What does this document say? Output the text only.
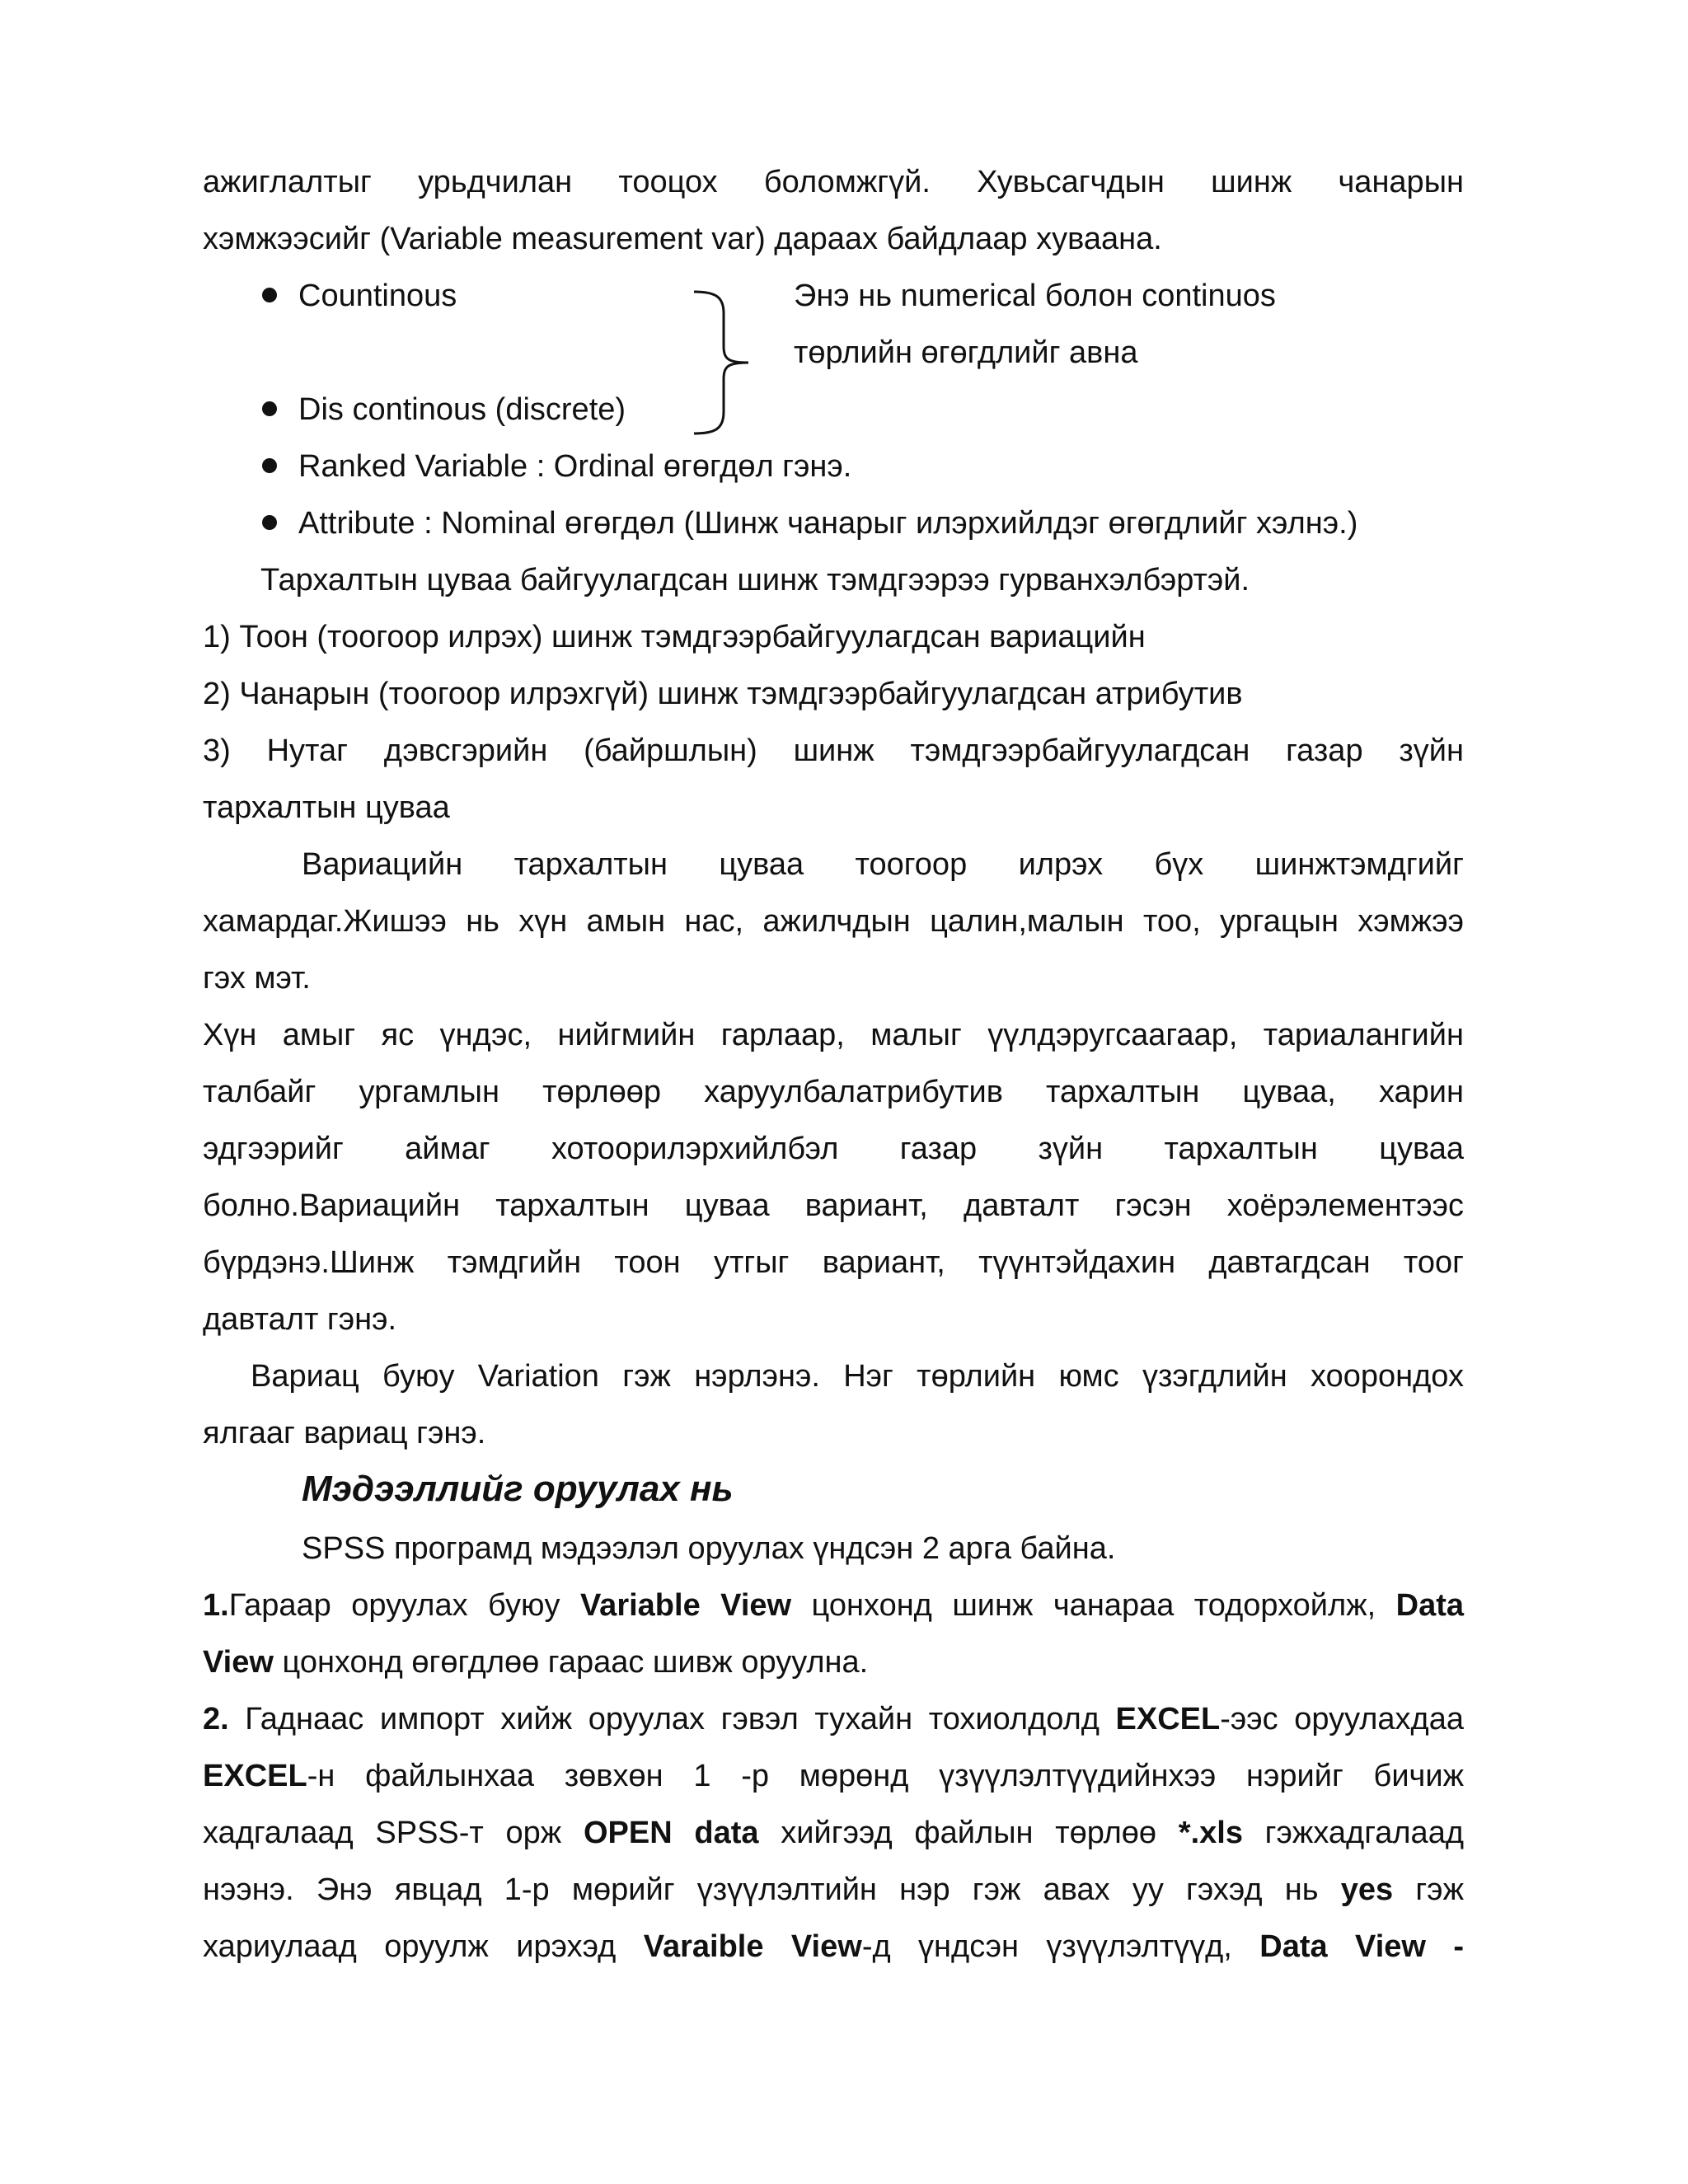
ажиглалтыг урьдчилан тооцох боломжгүй. Хувьсагчдын шинж чанарын
хэмжээсийг (Variable measurement var) дараах байдлаар хуваана.
Countinous	Энэ нь numerical болон continuos
төрлийн өгөгдлийг авна
Dis continous (discrete)
Ranked Variable : Ordinal өгөгдөл гэнэ.
Attribute : Nominal өгөгдөл (Шинж чанарыг илэрхийлдэг өгөгдлийг хэлнэ.)
Тархалтын цуваа байгуулагдсан шинж тэмдгээрээ гурванхэлбэртэй.
1) Тоон (тоогоор илрэх) шинж тэмдгээрбайгуулагдсан вариацийн
2) Чанарын (тоогоор илрэхгүй) шинж тэмдгээрбайгуулагдсан атрибутив
3) Нутаг дэвсгэрийн (байршлын) шинж тэмдгээрбайгуулагдсан газар зүйн
тархалтын цуваа
Вариацийн тархалтын цуваа тоогоор илрэх бүх шинжтэмдгийг
хамардаг.Жишээ нь хүн амын нас, ажилчдын цалин,малын тоо, ургацын хэмжээ
гэх мэт.
Хүн амыг яс үндэс, нийгмийн гарлаар, малыг үүлдэругсаагаар, тариалангийн
талбайг ургамлын төрлөөр харуулбалатрибутив тархалтын цуваа, харин
эдгээрийг аймаг хотоорилэрхийлбэл газар зүйн тархалтын цуваа
болно.Вариацийн тархалтын цуваа вариант, давталт гэсэн хоёрэлементээс
бүрдэнэ.Шинж тэмдгийн тоон утгыг вариант, түүнтэйдахин давтагдсан тоог
давталт гэнэ.
Вариац буюу Variation гэж нэрлэнэ. Нэг төрлийн юмс үзэгдлийн хоорондох
ялгааг вариац гэнэ.
Мэдээллийг оруулах нь
SPSS програмд мэдээлэл оруулах үндсэн 2 арга байна.
1.Гараар оруулах буюу Variable View цонхонд шинж чанараа тодорхойлж, Data
View цонхонд өгөгдлөө гараас шивж оруулна.
2. Гаднаас импорт хийж оруулах гэвэл тухайн тохиолдолд EXCEL-ээс оруулахдаа
EXCEL-н файлынхаа зөвхөн 1 -р мөрөнд үзүүлэлтүүдийнхээ нэрийг бичиж
хадгалаад SPSS-т орж OPEN data хийгээд файлын төрлөө *.xls гэжхадгалаад
нээнэ. Энэ явцад 1-р мөрийг үзүүлэлтийн нэр гэж авах уу гэхэд нь yes гэж
хариулаад оруулж ирэхэд Varaible View-д үндсэн үзүүлэлтүүд, Data View -
